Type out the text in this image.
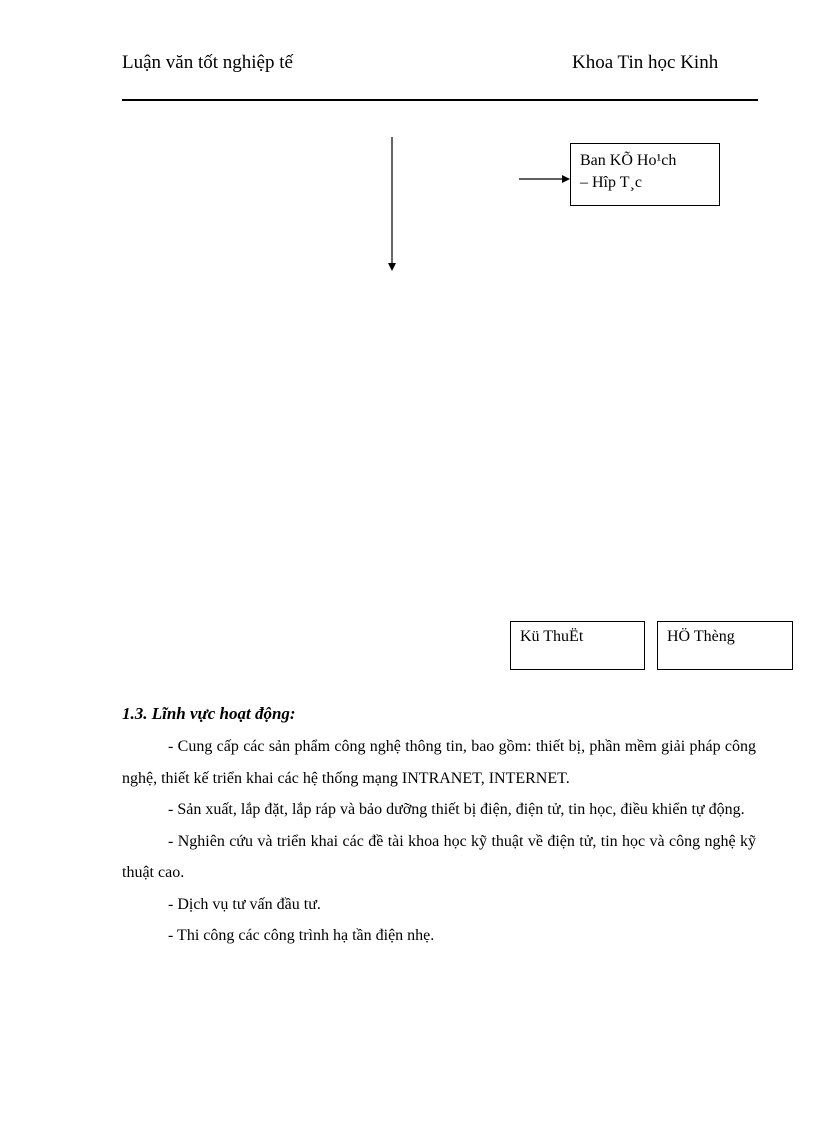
Luận văn tốt nghiệp tế	Khoa Tin học Kinh
Ban KÕ Ho¹ch
– Hîp T¸c
Kü ThuËt	HÖ Thèng
1.3. Lĩnh vực hoạt động:

- Cung cấp các sản phẩm công nghệ thông tin, bao gồm: thiết bị, phần mềm giải pháp công nghệ, thiết kế triển khai các hệ thống mạng INTRANET, INTERNET.

- Sản xuất, lắp đặt, lắp ráp và bảo dưỡng thiết bị điện, điện tử, tin học, điều khiển tự động.

- Nghiên cứu và triển khai các đề tài khoa học kỹ thuật về điện tử, tin học và công nghệ kỹ thuật cao.

- Dịch vụ tư vấn đầu tư.

- Thi công các công trình hạ tần điện nhẹ.
